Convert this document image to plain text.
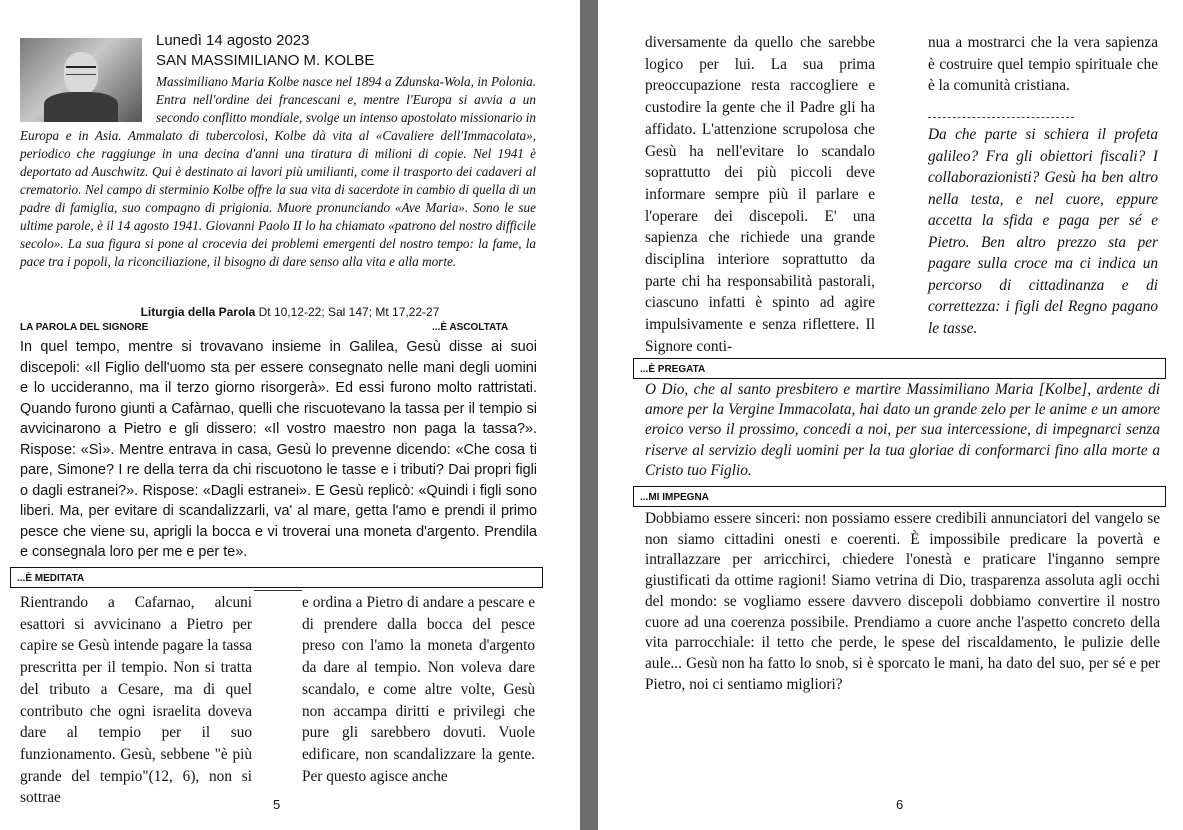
Lunedì 14 agosto 2023
SAN MASSIMILIANO M. KOLBE

Massimiliano Maria Kolbe nasce nel 1894 a Zdunska-Wola, in Polonia. Entra nell'ordine dei francescani e, mentre l'Europa si avvia a un secondo conflitto mondiale, svolge un intenso apostolato missionario in Europa e in Asia. Ammalato di tubercolosi, Kolbe dà vita al «Cavaliere dell'Immacolata», periodico che raggiunge in una decina d'anni una tiratura di milioni di copie. Nel 1941 è deportato ad Auschwitz. Qui è destinato ai lavori più umilianti, come il trasporto dei cadaveri al crematorio. Nel campo di sterminio Kolbe offre la sua vita di sacerdote in cambio di quella di un padre di famiglia, suo compagno di prigionia. Muore pronunciando «Ave Maria». Sono le sue ultime parole, è il 14 agosto 1941. Giovanni Paolo II lo ha chiamato «patrono del nostro difficile secolo». La sua figura si pone al crocevia dei problemi emergenti del nostro tempo: la fame, la pace tra i popoli, la riconciliazione, il bisogno di dare senso alla vita e alla morte.

Liturgia della Parola Dt 10,12-22; Sal 147; Mt 17,22-27
LA PAROLA DEL SIGNORE	...È ASCOLTATA

In quel tempo, mentre si trovavano insieme in Galilea, Gesù disse ai suoi discepoli: «Il Figlio dell'uomo sta per essere consegnato nelle mani degli uomini e lo uccideranno, ma il terzo giorno risorgerà». Ed essi furono molto rattristati. Quando furono giunti a Cafàrnao, quelli che riscuotevano la tassa per il tempio si avvicinarono a Pietro e gli dissero: «Il vostro maestro non paga la tassa?». Rispose: «Sì». Mentre entrava in casa, Gesù lo prevenne dicendo: «Che cosa ti pare, Simone? I re della terra da chi riscuotono le tasse e i tributi? Dai propri figli o dagli estranei?». Rispose: «Dagli estranei». E Gesù replicò: «Quindi i figli sono liberi. Ma, per evitare di scandalizzarli, va' al mare, getta l'amo e prendi il primo pesce che viene su, aprigli la bocca e vi troverai una moneta d'argento. Prendila e consegnala loro per me e per te».

...È MEDITATA

Rientrando a Cafarnao, alcuni esattori si avvicinano a Pietro per capire se Gesù intende pagare la tassa prescritta per il tempio. Non si tratta del tributo a Cesare, ma di quel contributo che ogni israelita doveva dare al tempio per il suo funzionamento. Gesù, sebbene "è più grande del tempio"(12, 6), non si sottrae

e ordina a Pietro di andare a pescare e di prendere dalla bocca del pesce preso con l'amo la moneta d'argento da dare al tempio. Non voleva dare scandalo, e come altre volte, Gesù non accampa diritti e privilegi che pure gli sarebbero dovuti. Vuole edificare, non scandalizzare la gente. Per questo agisce anche

5

diversamente da quello che sarebbe logico per lui. La sua prima preoccupazione resta raccogliere e custodire la gente che il Padre gli ha affidato. L'attenzione scrupolosa che Gesù ha nell'evitare lo scandalo soprattutto dei più piccoli deve informare sempre più il parlare e l'operare dei discepoli. E' una sapienza che richiede una grande disciplina interiore soprattutto da parte chi ha responsabilità pastorali, ciascuno infatti è spinto ad agire impulsivamente e senza riflettere. Il Signore conti-

nua a mostrarci che la vera sapienza è costruire quel tempio spirituale che è la comunità cristiana.

Da che parte si schiera il profeta galileo? Fra gli obiettori fiscali? I collaborazionisti? Gesù ha ben altro nella testa, e nel cuore, eppure accetta la sfida e paga per sé e Pietro. Ben altro prezzo sta per pagare sulla croce ma ci indica un percorso di cittadinanza e di correttezza: i figli del Regno pagano le tasse.

...È PREGATA

O Dio, che al santo presbitero e martire Massimiliano Maria [Kolbe], ardente di amore per la Vergine Immacolata, hai dato un grande zelo per le anime e un amore eroico verso il prossimo, concedi a noi, per sua intercessione, di impegnarci senza riserve al servizio degli uomini per la tua gloriae di conformarci fino alla morte a Cristo tuo Figlio.

...MI IMPEGNA

Dobbiamo essere sinceri: non possiamo essere credibili annunciatori del vangelo se non siamo cittadini onesti e coerenti. È impossibile predicare la povertà e intrallazzare per arricchirci, chiedere l'onestà e praticare l'inganno sempre giustificati da ottime ragioni! Siamo vetrina di Dio, trasparenza assoluta agli occhi del mondo: se vogliamo essere davvero discepoli dobbiamo convertire il nostro cuore ad una coerenza possibile. Prendiamo a cuore anche l'aspetto concreto della vita parrocchiale: il tetto che perde, le spese del riscaldamento, le pulizie delle aule... Gesù non ha fatto lo snob, si è sporcato le mani, ha dato del suo, per sé e per Pietro, noi ci sentiamo migliori?

6
